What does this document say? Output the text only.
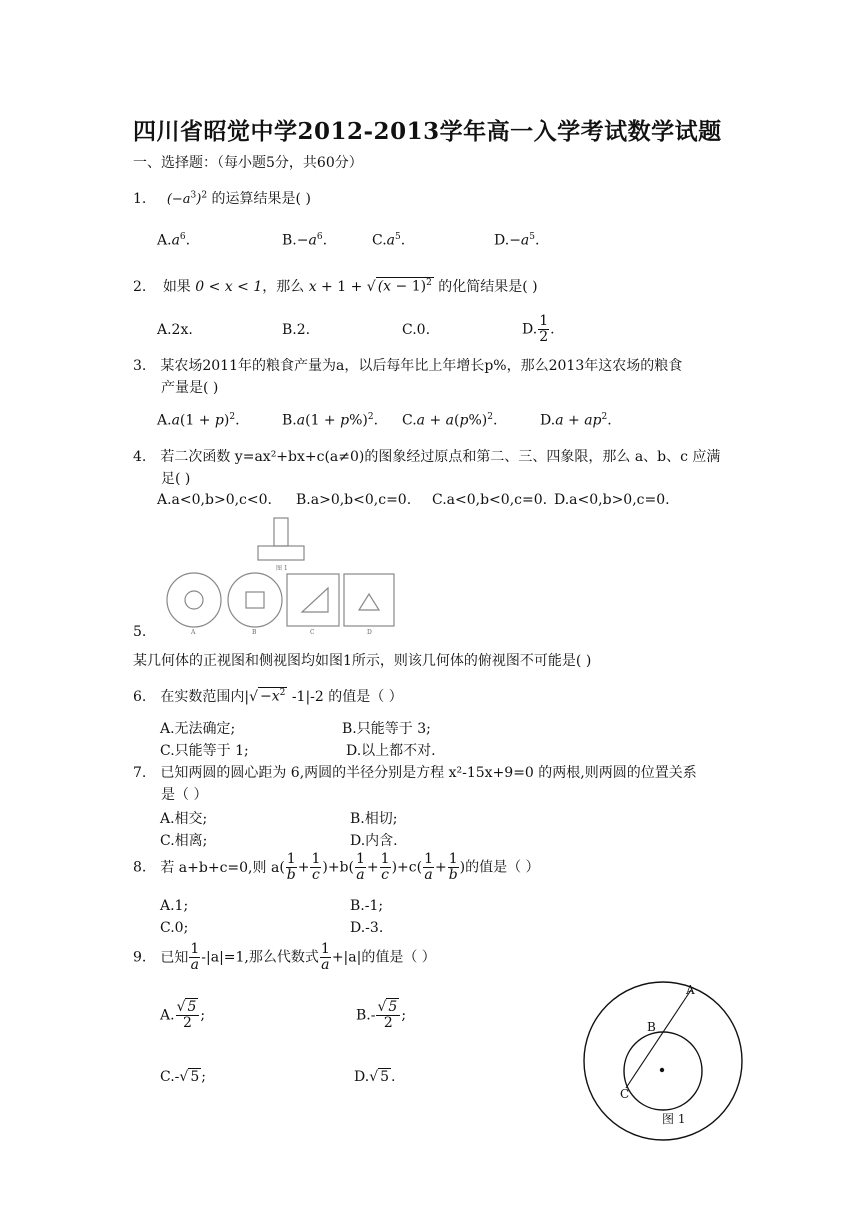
四川省昭觉中学2012-2013学年高一入学考试数学试题
一、选择题：（每小题5分，共60分）
1. $(-a^3)^2$ 的运算结果是( )
$A.a^6$.	$B.-a^6$.	$C.a^5$.	$D.-a^5$.
2. 如果 0 < x < 1，那么 x + 1 + √ $(x - 1)^2$ 的化简结果是( )
A.2x.	B.2.	C.0.	D. $\frac{1}{2}$ .
3. 某农场2011年的粮食产量为a，以后每年比上年增长p%，那么2013年这农场的粮食
产量是( )
$A.a(1 + p)^2$.	$B.a(1 + p\%)^2$. $C.a + a(p\%)^2$.	$D.a + ap^2$.
4. 若二次函数 y=ax²+bx+c(a≠0)的图象经过原点和第二、三、四象限，那么 a、b、c 应满
足( )
A.a<0,b>0,c<0. B.a>0,b<0,c=0. C.a<0,b<0,c=0. D.a<0,b>0,c=0.
图 1
A	B	C	D
5.
某几何体的正视图和侧视图均如图1所示，则该几何体的俯视图不可能是( )
6. 在实数范围内|√ $-x^2$ -1|-2 的值是（ ）
A.无法确定;	B.只能等于 3;
C.只能等于 1;	D.以上都不对.
7. 已知两圆的圆心距为 6,两圆的半径分别是方程 x²-15x+9=0 的两根,则两圆的位置关系
是（ ）
A.相交;	B.相切;
C.相离;	D.内含.
8. 若 a+b+c=0,则 $a( \frac{1}{b} + \frac{1}{c} )+b( \frac{1}{a} + \frac{1}{c} )+c( \frac{1}{a} + \frac{1}{b}$ )的值是（ ）
A.1;	B.-1;
C.0;	D.-3.
9. 已知 $\frac{1}{a} -|a|=1$,那么代数式 $\frac{1}{a} +|a|$的值是（ ）
A. $\frac{√ 5}{2}$ ;	$B.- \frac{√ 5}{2}$ ;
C.-√ 5 ;	D.√ 5 .
A
B
C
图 1
